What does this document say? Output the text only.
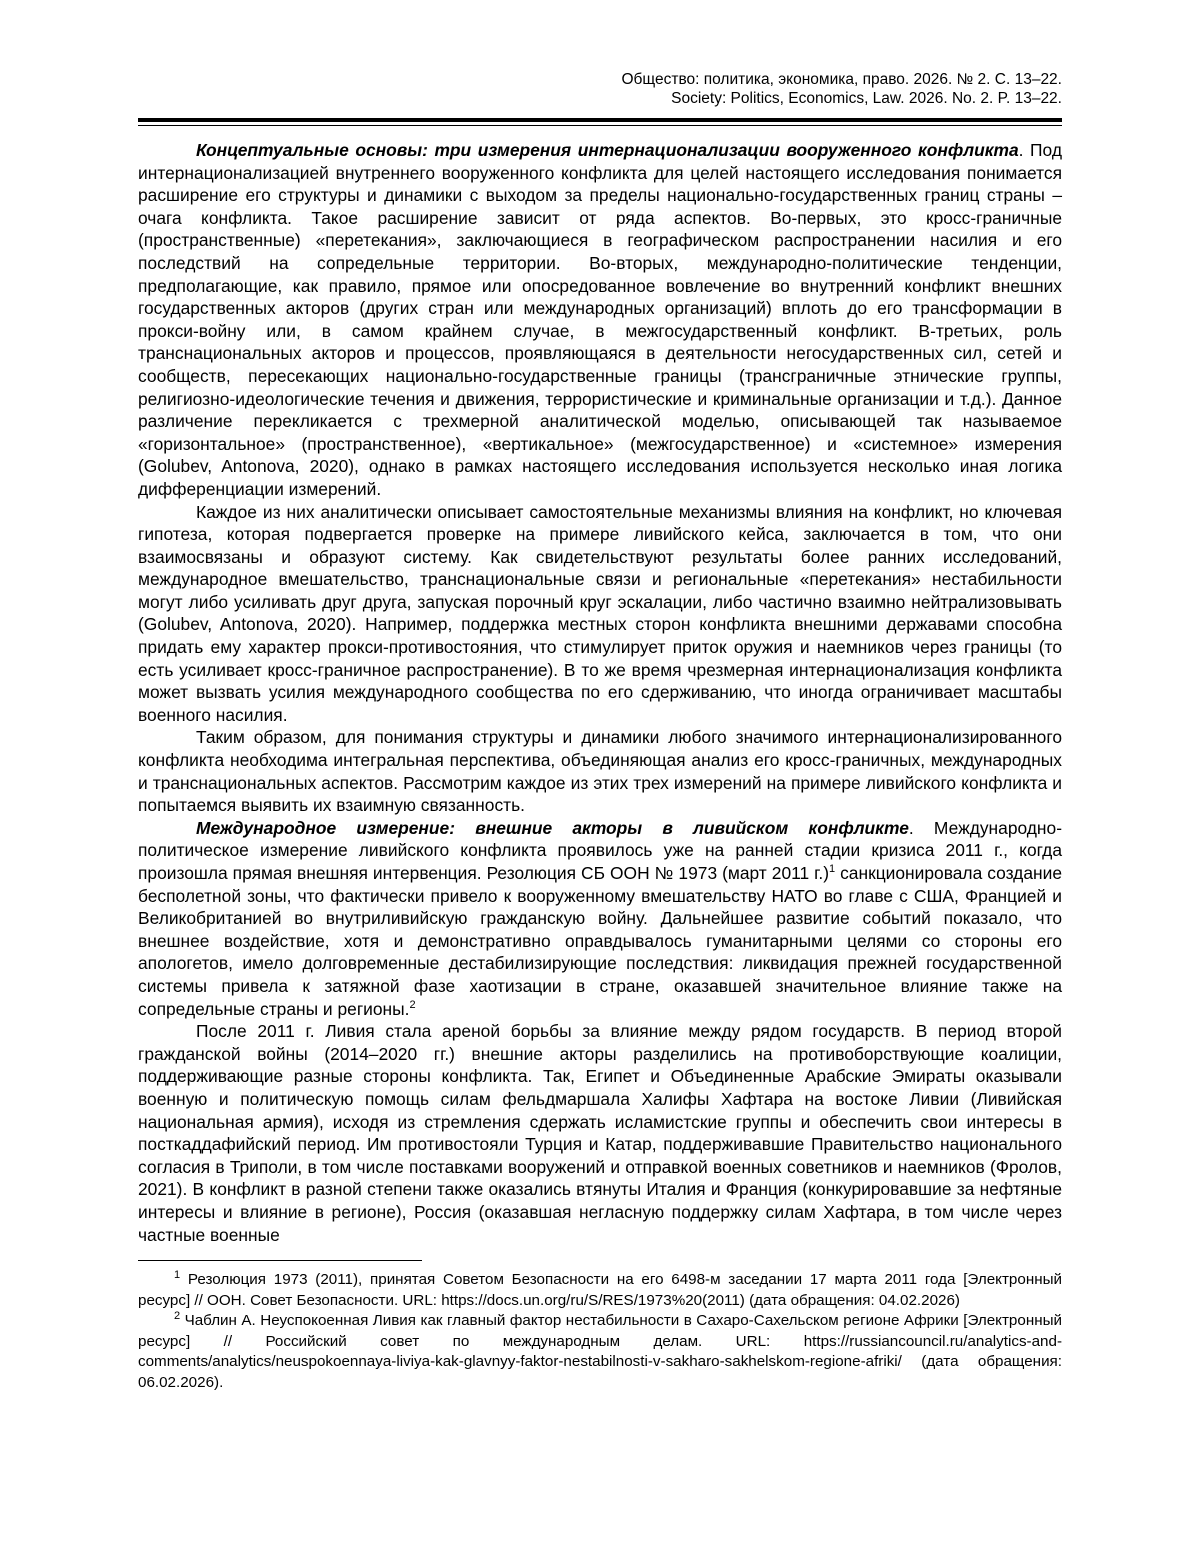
Общество: политика, экономика, право. 2026. № 2. С. 13–22.
Society: Politics, Economics, Law. 2026. No. 2. P. 13–22.

Концептуальные основы: три измерения интернационализации вооруженного конфликта. Под интернационализацией внутреннего вооруженного конфликта для целей настоящего исследования понимается расширение его структуры и динамики с выходом за пределы национально-государственных границ страны – очага конфликта. Такое расширение зависит от ряда аспектов. Во-первых, это кросс-граничные (пространственные) «перетекания», заключающиеся в географическом распространении насилия и его последствий на сопредельные территории. Во-вторых, международно-политические тенденции, предполагающие, как правило, прямое или опосредованное вовлечение во внутренний конфликт внешних государственных акторов (других стран или международных организаций) вплоть до его трансформации в прокси-войну или, в самом крайнем случае, в межгосударственный конфликт. В-третьих, роль транснациональных акторов и процессов, проявляющаяся в деятельности негосударственных сил, сетей и сообществ, пересекающих национально-государственные границы (трансграничные этнические группы, религиозно-идеологические течения и движения, террористические и криминальные организации и т.д.). Данное различение перекликается с трехмерной аналитической моделью, описывающей так называемое «горизонтальное» (пространственное), «вертикальное» (межгосударственное) и «системное» измерения (Golubev, Antonova, 2020), однако в рамках настоящего исследования используется несколько иная логика дифференциации измерений.

Каждое из них аналитически описывает самостоятельные механизмы влияния на конфликт, но ключевая гипотеза, которая подвергается проверке на примере ливийского кейса, заключается в том, что они взаимосвязаны и образуют систему. Как свидетельствуют результаты более ранних исследований, международное вмешательство, транснациональные связи и региональные «перетекания» нестабильности могут либо усиливать друг друга, запуская порочный круг эскалации, либо частично взаимно нейтрализовывать (Golubev, Antonova, 2020). Например, поддержка местных сторон конфликта внешними державами способна придать ему характер прокси-противостояния, что стимулирует приток оружия и наемников через границы (то есть усиливает кросс-граничное распространение). В то же время чрезмерная интернационализация конфликта может вызвать усилия международного сообщества по его сдерживанию, что иногда ограничивает масштабы военного насилия.

Таким образом, для понимания структуры и динамики любого значимого интернационализированного конфликта необходима интегральная перспектива, объединяющая анализ его кросс-граничных, международных и транснациональных аспектов. Рассмотрим каждое из этих трех измерений на примере ливийского конфликта и попытаемся выявить их взаимную связанность.

Международное измерение: внешние акторы в ливийском конфликте. Международно-политическое измерение ливийского конфликта проявилось уже на ранней стадии кризиса 2011 г., когда произошла прямая внешняя интервенция. Резолюция СБ ООН № 1973 (март 2011 г.)$^1$ санкционировала создание бесполетной зоны, что фактически привело к вооруженному вмешательству НАТО во главе с США, Францией и Великобританией во внутриливийскую гражданскую войну. Дальнейшее развитие событий показало, что внешнее воздействие, хотя и демонстративно оправдывалось гуманитарными целями со стороны его апологетов, имело долговременные дестабилизирующие последствия: ликвидация прежней государственной системы привела к затяжной фазе хаотизации в стране, оказавшей значительное влияние также на сопредельные страны и регионы.$^2$

После 2011 г. Ливия стала ареной борьбы за влияние между рядом государств. В период второй гражданской войны (2014–2020 гг.) внешние акторы разделились на противоборствующие коалиции, поддерживающие разные стороны конфликта. Так, Египет и Объединенные Арабские Эмираты оказывали военную и политическую помощь силам фельдмаршала Халифы Хафтара на востоке Ливии (Ливийская национальная армия), исходя из стремления сдержать исламистские группы и обеспечить свои интересы в посткаддафийский период. Им противостояли Турция и Катар, поддерживавшие Правительство национального согласия в Триполи, в том числе поставками вооружений и отправкой военных советников и наемников (Фролов, 2021). В конфликт в разной степени также оказались втянуты Италия и Франция (конкурировавшие за нефтяные интересы и влияние в регионе), Россия (оказавшая негласную поддержку силам Хафтара, в том числе через частные военные

$^1$ Резолюция 1973 (2011), принятая Советом Безопасности на его 6498-м заседании 17 марта 2011 года [Электронный ресурс] // ООН. Совет Безопасности. URL: https://docs.un.org/ru/S/RES/1973%20(2011) (дата обращения: 04.02.2026)

$^2$ Чаблин А. Неуспокоенная Ливия как главный фактор нестабильности в Сахаро-Сахельском регионе Африки [Электронный ресурс] // Российский совет по международным делам. URL: https://russiancouncil.ru/analytics-and-comments/analytics/neuspokoennaya-liviya-kak-glavnyy-faktor-nestabilnosti-v-sakharo-sakhelskom-regione-afriki/ (дата обращения: 06.02.2026).
